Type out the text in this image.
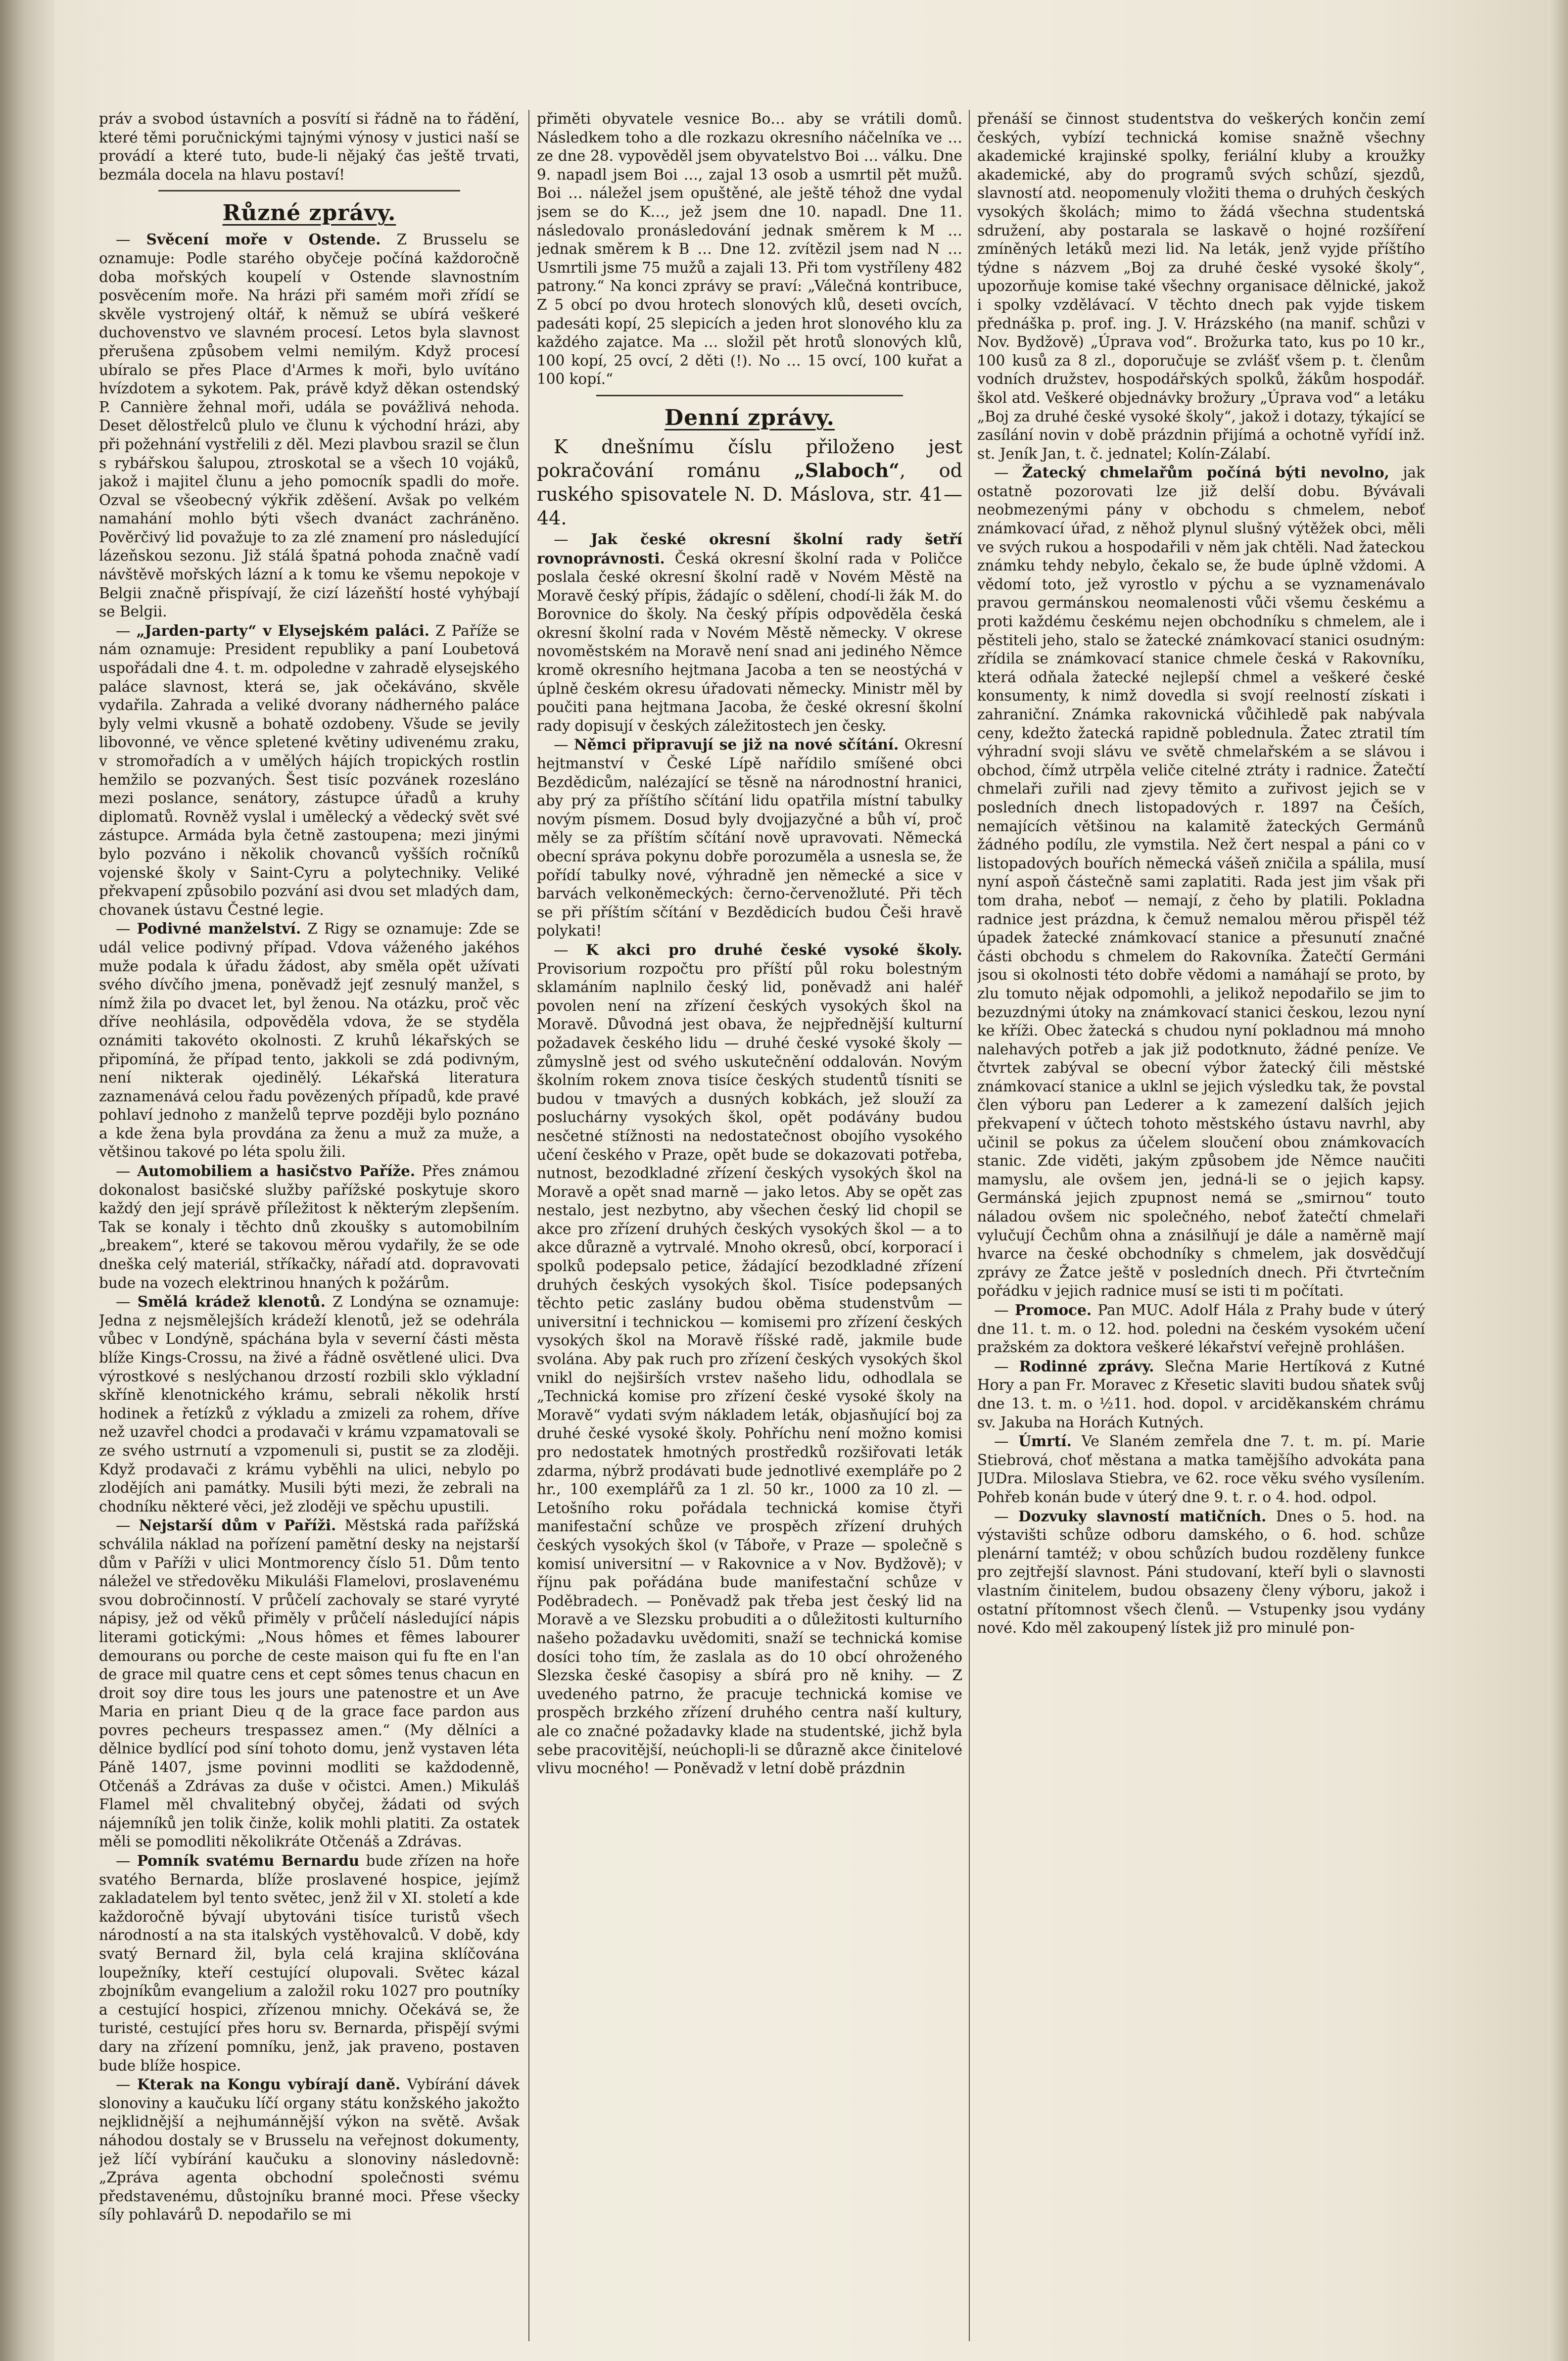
práv a svobod ústavních a posvítí si řádně na to řádění, které těmi poručnickými tajnými výnosy v justici naší se provádí a které tuto, bude-li nějaký čas ještě trvati, bezmála docela na hlavu postaví!

Různé zprávy.

— Svěcení moře v Ostende. Z Brusselu se oznamuje: Podle starého obyčeje počíná každoročně doba mořských koupelí v Ostende slavnostním posvěcením moře. Na hrázi při samém moři zřídí se skvěle vystrojený oltář, k němuž se ubírá veškeré duchovenstvo ve slavném procesí. Letos byla slavnost přerušena způsobem velmi nemilým. Když procesí ubíralo se přes Place d'Armes k moři, bylo uvítáno hvízdotem a sykotem. Pak, právě když děkan ostendský P. Cannière žehnal moři, udála se povážlivá nehoda. Deset dělostřelců plulo ve člunu k východní hrázi, aby při požehnání vystřelili z děl. Mezi plavbou srazil se člun s rybářskou šalupou, ztroskotal se a všech 10 vojáků, jakož i majitel člunu a jeho pomocník spadli do moře. Ozval se všeobecný výkřik zděšení. Avšak po velkém namahání mohlo býti všech dvanáct zachráněno. Pověrčivý lid považuje to za zlé znamení pro následující lázeňskou sezonu. Již stálá špatná pohoda značně vadí návštěvě mořských lázní a k tomu ke všemu nepokoje v Belgii značně přispívají, že cizí lázeňští hosté vyhýbají se Belgii.

— „Jarden-party“ v Elysejském paláci. Z Paříže se nám oznamuje: President republiky a paní Loubetová uspořádali dne 4. t. m. odpoledne v zahradě elysejského paláce slavnost, která se, jak očekáváno, skvěle vydařila. Zahrada a veliké dvorany nádherného paláce byly velmi vkusně a bohatě ozdobeny. Všude se jevily libovonné, ve věnce spletené květiny udivenému zraku, v stromořadích a v umělých hájích tropických rostlin hemžilo se pozvaných. Šest tisíc pozvánek rozesláno mezi poslance, senátory, zástupce úřadů a kruhy diplomatů. Rovněž vyslal i umělecký a vědecký svět své zástupce. Armáda byla četně zastoupena; mezi jinými bylo pozváno i několik chovanců vyšších ročníků vojenské školy v Saint-Cyru a polytechniky. Veliké překvapení způsobilo pozvání asi dvou set mladých dam, chovanek ústavu Čestné legie.

— Podivné manželství. Z Rigy se oznamuje: Zde se udál velice podivný případ. Vdova váženého jakéhos muže podala k úřadu žádost, aby směla opět užívati svého dívčího jmena, poněvadž jejť zesnulý manžel, s nímž žila po dvacet let, byl ženou. Na otázku, proč věc dříve neohlásila, odpověděla vdova, že se styděla oznámiti takovéto okolnosti. Z kruhů lékařských se připomíná, že případ tento, jakkoli se zdá podivným, není nikterak ojedinělý. Lékařská literatura zaznamenává celou řadu povězených případů, kde pravé pohlaví jednoho z manželů teprve později bylo poznáno a kde žena byla provdána za ženu a muž za muže, a většinou takové po léta spolu žili.

— Automobiliem a hasičstvo Paříže. Přes známou dokonalost basičské služby pařížské poskytuje skoro každý den její správě příležitost k některým zlepšením. Tak se konaly i těchto dnů zkoušky s automobilním „breakem“, které se takovou měrou vydařily, že se ode dneška celý materiál, stříkačky, nářadí atd. dopravovati bude na vozech elektrinou hnaných k požárům.

— Smělá krádež klenotů. Z Londýna se oznamuje: Jedna z nejsmělejších krádeží klenotů, jež se odehrála vůbec v Londýně, spáchána byla v severní části města blíže Kings-Crossu, na živé a řádně osvětlené ulici. Dva výrostkové s neslýchanou drzostí rozbili sklo výkladní skříně klenotnického krámu, sebrali několik hrstí hodinek a řetízků z výkladu a zmizeli za rohem, dříve než uzavřel chodci a prodavači v krámu vzpamatovali se ze svého ustrnutí a vzpomenuli si, pustit se za zloději. Když prodavači z krámu vyběhli na ulici, nebylo po zlodějích ani památky. Musili býti mezi, že zebrali na chodníku některé věci, jež zloději ve spěchu upustili.

— Nejstarší dům v Paříži. Městská rada pařížská schválila náklad na pořízení pamětní desky na nejstarší dům v Paříži v ulici Montmorency číslo 51. Dům tento náležel ve středověku Mikuláši Flamelovi, proslavenému svou dobročinností. V průčelí zachovaly se staré vyryté nápisy, jež od věků přiměly v průčelí následující nápis literami gotickými: „Nous hômes et fêmes labourer demourans ou porche de ceste maison qui fu fte en l'an de grace mil quatre cens et cept sômes tenus chacun en droit soy dire tous les jours une patenostre et un Ave Maria en priant Dieu q de la grace face pardon aus povres pecheurs trespassez amen.“ (My dělníci a dělnice bydlící pod síní tohoto domu, jenž vystaven léta Páně 1407, jsme povinni modliti se každodenně, Otčenáš a Zdrávas za duše v očistci. Amen.) Mikuláš Flamel měl chvalitebný obyčej, žádati od svých nájemníků jen tolik činže, kolik mohli platiti. Za ostatek měli se pomodliti několikráte Otčenáš a Zdrávas.

— Pomník svatému Bernardu bude zřízen na hoře svatého Bernarda, blíže proslavené hospice, jejímž zakladatelem byl tento světec, jenž žil v XI. století a kde každoročně bývají ubytováni tisíce turistů všech národností a na sta italských vystěhovalců. V době, kdy svatý Bernard žil, byla celá krajina sklíčována loupežníky, kteří cestující olupovali. Světec kázal zbojníkům evangelium a založil roku 1027 pro poutníky a cestující hospici, zřízenou mnichy. Očekává se, že turisté, cestující přes horu sv. Bernarda, přispějí svými dary na zřízení pomníku, jenž, jak praveno, postaven bude blíže hospice.

— Kterak na Kongu vybírají daně. Vybírání dávek slonoviny a kaučuku líčí organy státu konžského jakožto nejklidnější a nejhumánnější výkon na světě. Avšak náhodou dostaly se v Brusselu na veřejnost dokumenty, jež líčí vybírání kaučuku a slonoviny následovně: „Zpráva agenta obchodní společnosti svému představenému, důstojníku branné moci. Přese všecky síly pohlavárů D. nepodařilo se mi

přiměti obyvatele vesnice Bo… aby se vrátili domů. Následkem toho a dle rozkazu okresního náčelníka ve … ze dne 28. vypověděl jsem obyvatelstvo Boi … válku. Dne 9. napadl jsem Boi …, zajal 13 osob a usmrtil pět mužů. Boi … náležel jsem opuštěné, ale ještě téhož dne vydal jsem se do K…, jež jsem dne 10. napadl. Dne 11. následovalo pronásledování jednak směrem k M … jednak směrem k B … Dne 12. zvítězil jsem nad N … Usmrtili jsme 75 mužů a zajali 13. Při tom vystříleny 482 patrony.“ Na konci zprávy se praví: „Válečná kontribuce, Z 5 obcí po dvou hrotech slonových klů, deseti ovcích, padesáti kopí, 25 slepicích a jeden hrot slonového klu za každého zajatce. Ma … složil pět hrotů slonových klů, 100 kopí, 25 ovcí, 2 děti (!). No … 15 ovcí, 100 kuřat a 100 kopí.“

Denní zprávy.

K dnešnímu číslu přiloženo jest pokračování románu „Slaboch“, od ruského spisovatele N. D. Máslova, str. 41—44.

— Jak české okresní školní rady šetří rovnoprávnosti. Česká okresní školní rada v Poličce poslala české okresní školní radě v Novém Městě na Moravě český přípis, žádajíc o sdělení, chodí-li žák M. do Borovnice do školy. Na český přípis odpověděla česká okresní školní rada v Novém Městě německy. V okrese novoměstském na Moravě není snad ani jediného Němce kromě okresního hejtmana Jacoba a ten se neostýchá v úplně českém okresu úřadovati německy. Ministr měl by poučiti pana hejtmana Jacoba, že české okresní školní rady dopisují v českých záležitostech jen česky.

— Němci připravují se již na nové sčítání. Okresní hejtmanství v České Lípě nařídilo smíšené obci Bezdědicům, nalézající se těsně na národnostní hranici, aby prý za příštího sčítání lidu opatřila místní tabulky novým písmem. Dosud byly dvojjazyčné a bůh ví, proč měly se za příštím sčítání nově upravovati. Německá obecní správa pokynu dobře porozuměla a usnesla se, že pořídí tabulky nové, výhradně jen německé a sice v barvách velkoněmeckých: černo-červenožluté. Při těch se při příštím sčítání v Bezdědicích budou Češi hravě polykati!

— K akci pro druhé české vysoké školy. Provisorium rozpočtu pro příští půl roku bolestným sklamáním naplnilo český lid, poněvadž ani haléř povolen není na zřízení českých vysokých škol na Moravě. Důvodná jest obava, že nejpřednější kulturní požadavek českého lidu — druhé české vysoké školy — zůmyslně jest od svého uskutečnění oddalován. Novým školním rokem znova tisíce českých studentů tísniti se budou v tmavých a dusných kobkách, jež slouží za posluchárny vysokých škol, opět podávány budou nesčetné stížnosti na nedostatečnost obojího vysokého učení českého v Praze, opět bude se dokazovati potřeba, nutnost, bezodkladné zřízení českých vysokých škol na Moravě a opět snad marně — jako letos. Aby se opět zas nestalo, jest nezbytno, aby všechen český lid chopil se akce pro zřízení druhých českých vysokých škol — a to akce důrazně a vytrvalé. Mnoho okresů, obcí, korporací i spolků podepsalo petice, žádající bezodkladné zřízení druhých českých vysokých škol. Tisíce podepsaných těchto petic zaslány budou oběma studenstvům — universitní i technickou — komisemi pro zřízení českých vysokých škol na Moravě říšské radě, jakmile bude svolána. Aby pak ruch pro zřízení českých vysokých škol vnikl do nejširších vrstev našeho lidu, odhodlala se „Technická komise pro zřízení české vysoké školy na Moravě“ vydati svým nákladem leták, objasňující boj za druhé české vysoké školy. Pohříchu není možno komisi pro nedostatek hmotných prostředků rozšiřovati leták zdarma, nýbrž prodávati bude jednotlivé exempláře po 2 hr., 100 exemplářů za 1 zl. 50 kr., 1000 za 10 zl. — Letošního roku pořádala technická komise čtyři manifestační schůze ve prospěch zřízení druhých českých vysokých škol (v Táboře, v Praze — společně s komisí universitní — v Rakovnice a v Nov. Bydžově); v říjnu pak pořádána bude manifestační schůze v Poděbradech. — Poněvadž pak třeba jest český lid na Moravě a ve Slezsku probuditi a o důležitosti kulturního našeho požadavku uvědomiti, snaží se technická komise dosíci toho tím, že zaslala as do 10 obcí ohroženého Slezska české časopisy a sbírá pro ně knihy. — Z uvedeného patrno, že pracuje technická komise ve prospěch brzkého zřízení druhého centra naší kultury, ale co značné požadavky klade na studentské, jichž byla sebe pracovitější, neúchopli-li se důrazně akce činitelové vlivu mocného! — Poněvadž v letní době prázdnin

přenáší se činnost studentstva do veškerých končin zemí českých, vybízí technická komise snažně všechny akademické krajinské spolky, feriální kluby a kroužky akademické, aby do programů svých schůzí, sjezdů, slavností atd. neopomenuly vložiti thema o druhých českých vysokých školách; mimo to žádá všechna studentská sdružení, aby postarala se laskavě o hojné rozšíření zmíněných letáků mezi lid. Na leták, jenž vyjde příštího týdne s názvem „Boj za druhé české vysoké školy“, upozorňuje komise také všechny organisace dělnické, jakož i spolky vzdělávací. V těchto dnech pak vyjde tiskem přednáška p. prof. ing. J. V. Hrázského (na manif. schůzi v Nov. Bydžově) „Úprava vod“. Brožurka tato, kus po 10 kr., 100 kusů za 8 zl., doporučuje se zvlášť všem p. t. členům vodních družstev, hospodářských spolků, žákům hospodář. škol atd. Veškeré objednávky brožury „Úprava vod“ a letáku „Boj za druhé české vysoké školy“, jakož i dotazy, týkající se zasílání novin v době prázdnin přijímá a ochotně vyřídí inž. st. Jeník Jan, t. č. jednatel; Kolín-Zálabí.

— Žatecký chmelařům počíná býti nevolno, jak ostatně pozorovati lze již delší dobu. Bývávali neobmezenými pány v obchodu s chmelem, neboť známkovací úřad, z něhož plynul slušný výtěžek obci, měli ve svých rukou a hospodařili v něm jak chtěli. Nad žateckou známku tehdy nebylo, čekalo se, že bude úplně vždomi. A vědomí toto, jež vyrostlo v pýchu a se vyznamenávalo pravou germánskou neomalenosti vůči všemu českému a proti každému českému nejen obchodníku s chmelem, ale i pěstiteli jeho, stalo se žatecké známkovací stanici osudným: zřídila se známkovací stanice chmele česká v Rakovníku, která odňala žatecké nejlepší chmel a veškeré české konsumenty, k nimž dovedla si svojí reelností získati i zahraniční. Známka rakovnická vůčihledě pak nabývala ceny, kdežto žatecká rapidně poblednula. Žatec ztratil tím výhradní svoji slávu ve světě chmelařském a se slávou i obchod, čímž utrpěla veliče citelné ztráty i radnice. Žatečtí chmelaři zuřili nad zjevy těmito a zuřivost jejich se v posledních dnech listopadových r. 1897 na Češích, nemajících většinou na kalamitě žateckých Germánů žádného podílu, zle vymstila. Než čert nespal a páni co v listopadových bouřích německá vášeň zničila a spálila, musí nyní aspoň částečně sami zaplatiti. Rada jest jim však při tom draha, neboť — nemají, z čeho by platili. Pokladna radnice jest prázdna, k čemuž nemalou měrou přispěl též úpadek žatecké známkovací stanice a přesunutí značné části obchodu s chmelem do Rakovníka. Žatečtí Germáni jsou si okolnosti této dobře vědomi a namáhají se proto, by zlu tomuto nějak odpomohli, a jelikož nepodařilo se jim to bezuzdnými útoky na známkovací stanici českou, lezou nyní ke kříži. Obec žatecká s chudou nyní pokladnou má mnoho nalehavých potřeb a jak již podotknuto, žádné peníze. Ve čtvrtek zabýval se obecní výbor žatecký čili městské známkovací stanice a uklnl se jejich výsledku tak, že povstal člen výboru pan Lederer a k zamezení dalších jejich překvapení v účtech tohoto městského ústavu navrhl, aby učinil se pokus za účelem sloučení obou známkovacích stanic. Zde viděti, jakým způsobem jde Němce naučiti mamyslu, ale ovšem jen, jedná-li se o jejich kapsy. Germánská jejich zpupnost nemá se „smirnou“ touto náladou ovšem nic společného, neboť žatečtí chmelaři vylučují Čechům ohna a znásilňují je dále a naměrně mají hvarce na české obchodníky s chmelem, jak dosvědčují zprávy ze Žatce ještě v posledních dnech. Při čtvrtečním pořádku v jejich radnice musí se isti ti m počítati.

— Promoce. Pan MUC. Adolf Hála z Prahy bude v úterý dne 11. t. m. o 12. hod. poledni na českém vysokém učení pražském za doktora veškeré lékařství veřejně prohlášen.

— Rodinné zprávy. Slečna Marie Hertíková z Kutné Hory a pan Fr. Moravec z Křesetic slaviti budou sňatek svůj dne 13. t. m. o ½11. hod. dopol. v arciděkanském chrámu sv. Jakuba na Horách Kutných.

— Úmrtí. Ve Slaném zemřela dne 7. t. m. pí. Marie Stiebrová, choť městana a matka tamějšího advokáta pana JUDra. Miloslava Stiebra, ve 62. roce věku svého vysílením. Pohřeb konán bude v úterý dne 9. t. r. o 4. hod. odpol.

— Dozvuky slavností matičních. Dnes o 5. hod. na výstavišti schůze odboru damského, o 6. hod. schůze plenární tamtéž; v obou schůzích budou rozděleny funkce pro zejtřejší slavnost. Páni studovaní, kteří byli o slavnosti vlastním činitelem, budou obsazeny členy výboru, jakož i ostatní přítomnost všech členů. — Vstupenky jsou vydány nové. Kdo měl zakoupený lístek již pro minulé pon-
